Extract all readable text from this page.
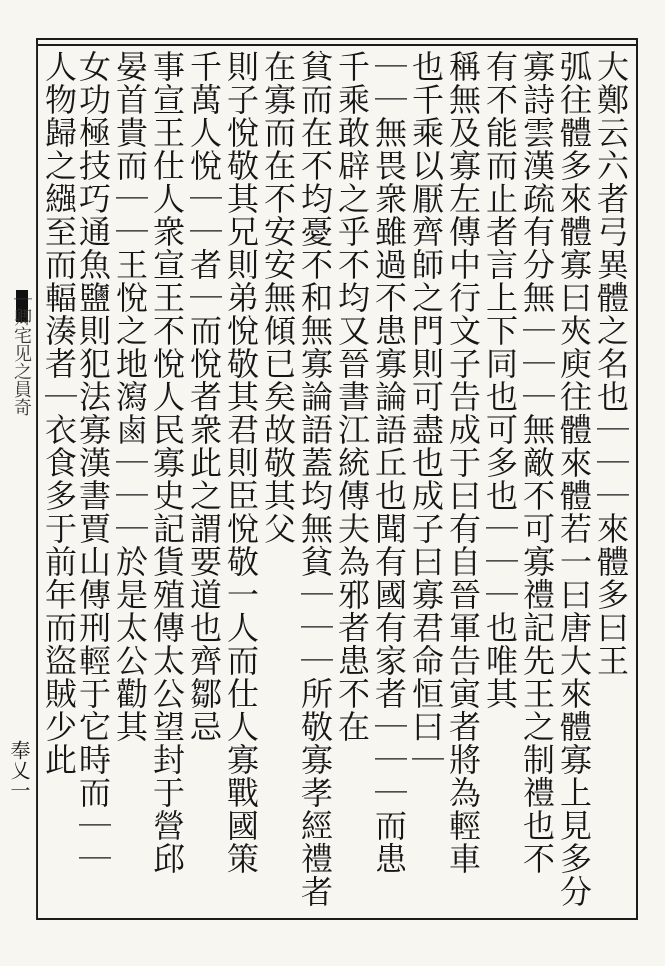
｜卿宅见之員奇
奉乂一
大鄭云六者弓異體之名也｜｜｜來體多曰王
弧往體多來體寡曰夾庾往體來體若一曰唐大來體寡上見多分
寡詩雲漢疏有分無｜｜｜無敵不可寡禮記先王之制禮也不
有不能而止者言上下同也可多也｜｜｜也唯其
稱無及寡左傳中行文子告成于曰有自晉軍告寅者將為輕車
也千乘以厭齊師之門則可盡也成子曰寡君命恒曰｜
｜｜無畏衆雖過不患寡論語丘也聞有國有家者｜｜｜而患
千乘敢辟之乎不均又晉書江統傳夫為邪者患不在
貧而在不均憂不和無寡論語蓋均無貧｜｜｜所敬寡孝經禮者
在寡而在不安安無傾已矣故敬其父
則子悅敬其兄則弟悅敬其君則臣悅敬一人而仕人寡戰國策
千萬人悅｜｜者｜而悅者衆此之謂要道也齊鄒忌
事宣王仕人衆宣王不悅人民寡史記貨殖傳太公望封于營邱
晏首貴而｜｜王悅之地瀉鹵｜｜｜於是太公勸其
女功極技巧通魚鹽則犯法寡漢書賈山傳刑輕于它時而｜｜
人物歸之繦至而輻湊者｜衣食多于前年而盜賊少此
